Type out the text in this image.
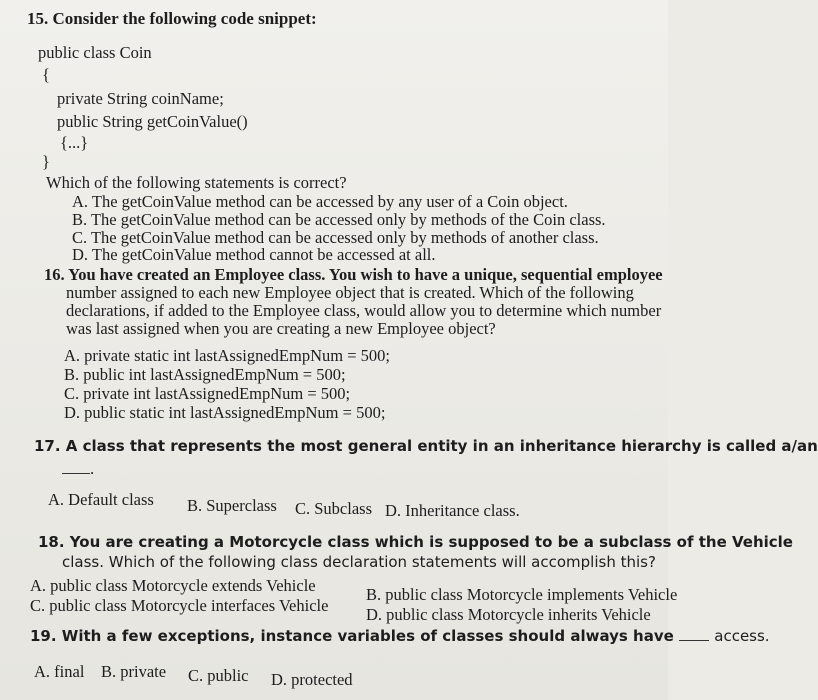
15. Consider the following code snippet:
public class Coin
{
private String coinName;
public String getCoinValue()
{...}
}
Which of the following statements is correct?
A. The getCoinValue method can be accessed by any user of a Coin object.
B. The getCoinValue method can be accessed only by methods of the Coin class.
C. The getCoinValue method can be accessed only by methods of another class.
D. The getCoinValue method cannot be accessed at all.
16. You have created an Employee class. You wish to have a unique, sequential employee
number assigned to each new Employee object that is created. Which of the following
declarations, if added to the Employee class, would allow you to determine which number
was last assigned when you are creating a new Employee object?
A. private static int lastAssignedEmpNum = 500;
B. public int lastAssignedEmpNum = 500;
C. private int lastAssignedEmpNum = 500;
D. public static int lastAssignedEmpNum = 500;
17. A class that represents the most general entity in an inheritance hierarchy is called a/an
.
A. Default class B. Superclass C. Subclass D. Inheritance class.
18. You are creating a Motorcycle class which is supposed to be a subclass of the Vehicle
class. Which of the following class declaration statements will accomplish this?
A. public class Motorcycle extends Vehicle	B. public class Motorcycle implements Vehicle
C. public class Motorcycle interfaces Vehicle D. public class Motorcycle inherits Vehicle
19. With a few exceptions, instance variables of classes should always have	access.
A. final B. private C. public D. protected
